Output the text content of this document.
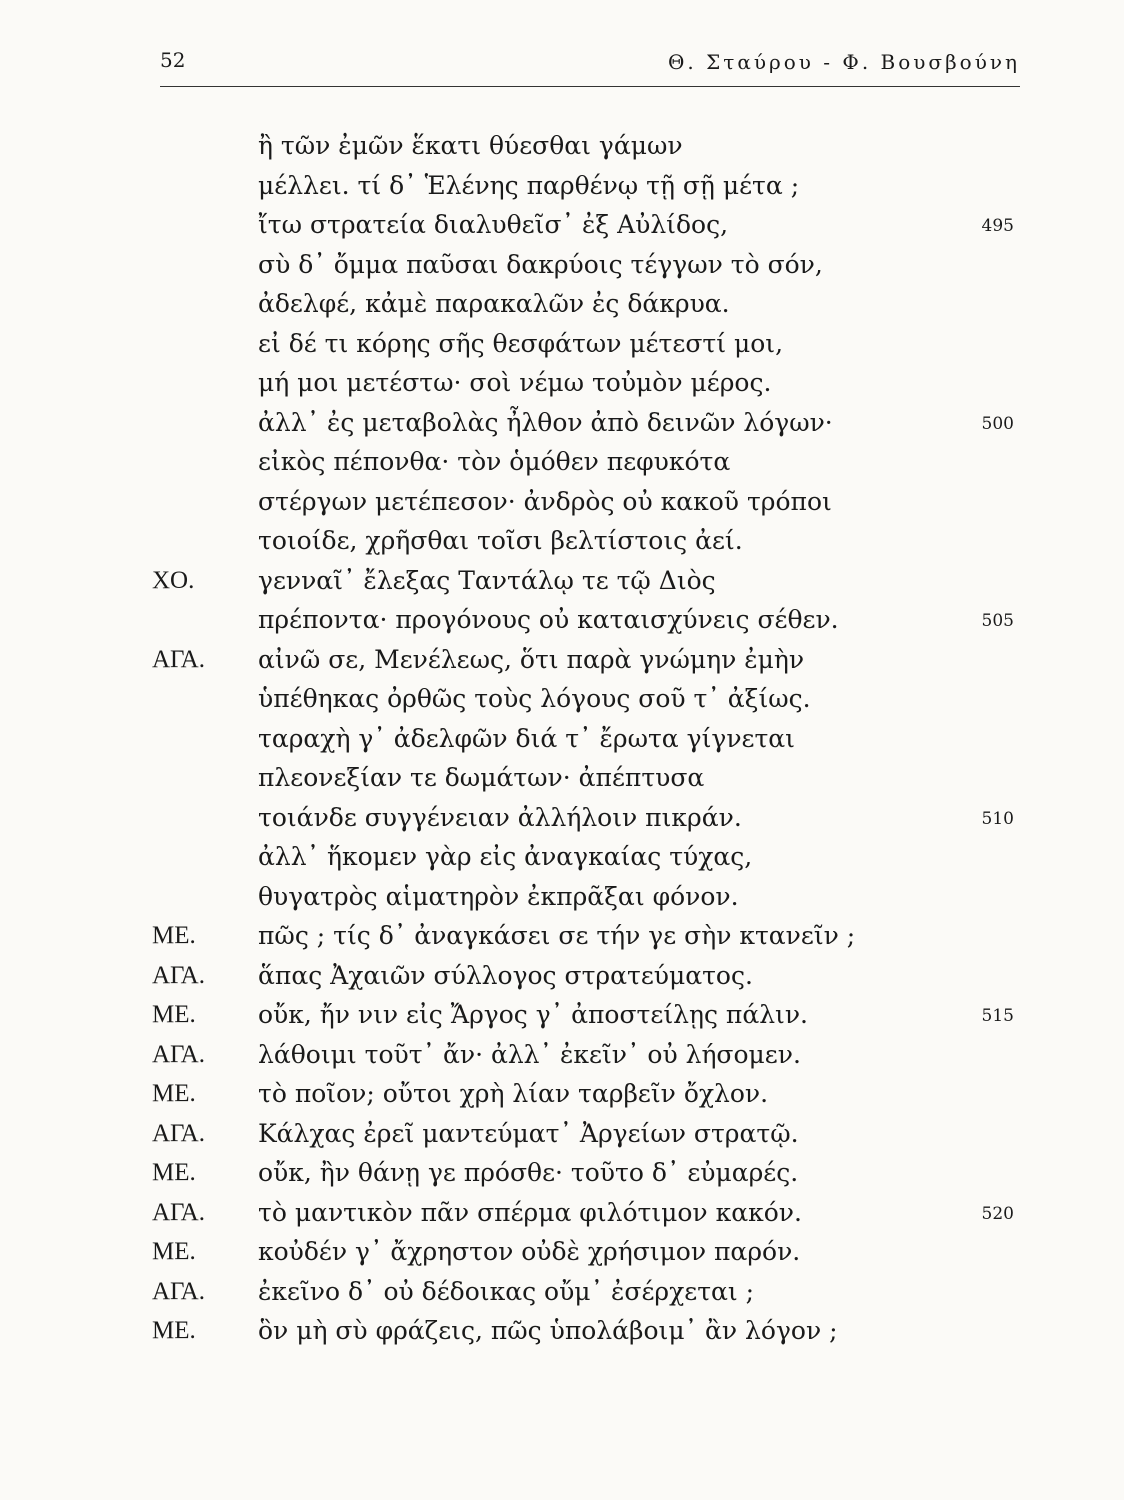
52	Θ. Σταύρου - Φ. Βουσβούνη
ἢ τῶν ἐμῶν ἕκατι θύεσθαι γάμων
μέλλει. τί δ᾽ Ἑλένης παρθένῳ τῇ σῇ μέτα ;
ἴτω στρατεία διαλυθεῖσ᾽ ἐξ Αὐλίδος,	495
σὺ δ᾽ ὄμμα παῦσαι δακρύοις τέγγων τὸ σόν,
ἀδελφέ, κἀμὲ παρακαλῶν ἐς δάκρυα.
εἰ δέ τι κόρης σῆς θεσφάτων μέτεστί μοι,
μή μοι μετέστω· σοὶ νέμω τοὐμὸν μέρος.
ἀλλ᾽ ἐς μεταβολὰς ἦλθον ἀπὸ δεινῶν λόγων·	500
εἰκὸς πέπονθα· τὸν ὁμόθεν πεφυκότα
στέργων μετέπεσον· ἀνδρὸς οὐ κακοῦ τρόποι
τοιοίδε, χρῆσθαι τοῖσι βελτίστοις ἀεί.
ΧΟ.	γενναῖ᾽ ἔλεξας Ταντάλῳ τε τῷ Διὸς
πρέποντα· προγόνους οὐ καταισχύνεις σέθεν.	505
ΑΓΑ. αἰνῶ σε, Μενέλεως, ὅτι παρὰ γνώμην ἐμὴν
ὑπέθηκας ὀρθῶς τοὺς λόγους σοῦ τ᾽ ἀξίως.
ταραχὴ γ᾽ ἀδελφῶν διά τ᾽ ἔρωτα γίγνεται
πλεονεξίαν τε δωμάτων· ἀπέπτυσα
τοιάνδε συγγένειαν ἀλλήλοιν πικράν.	510
ἀλλ᾽ ἥκομεν γὰρ εἰς ἀναγκαίας τύχας,
θυγατρὸς αἱματηρὸν ἐκπρᾶξαι φόνον.
ΜΕ. πῶς ; τίς δ᾽ ἀναγκάσει σε τήν γε σὴν κτανεῖν ;
ΑΓΑ. ἅπας Ἀχαιῶν σύλλογος στρατεύματος.
ΜΕ. οὔκ, ἤν νιν εἰς Ἄργος γ᾽ ἀποστείλῃς πάλιν.	515
ΑΓΑ. λάθοιμι τοῦτ᾽ ἄν· ἀλλ᾽ ἐκεῖν᾽ οὐ λήσομεν.
ΜΕ. τὸ ποῖον; οὔτοι χρὴ λίαν ταρβεῖν ὄχλον.
ΑΓΑ. Κάλχας ἐρεῖ μαντεύματ᾽ Ἀργείων στρατῷ.
ΜΕ. οὔκ, ἢν θάνῃ γε πρόσθε· τοῦτο δ᾽ εὐμαρές.
ΑΓΑ. τὸ μαντικὸν πᾶν σπέρμα φιλότιμον κακόν.	520
ΜΕ. κοὐδέν γ᾽ ἄχρηστον οὐδὲ χρήσιμον παρόν.
ΑΓΑ. ἐκεῖνο δ᾽ οὐ δέδοικας οὔμ᾽ ἐσέρχεται ;
ΜΕ. ὃν μὴ σὺ φράζεις, πῶς ὑπολάβοιμ᾽ ἂν λόγον ;
